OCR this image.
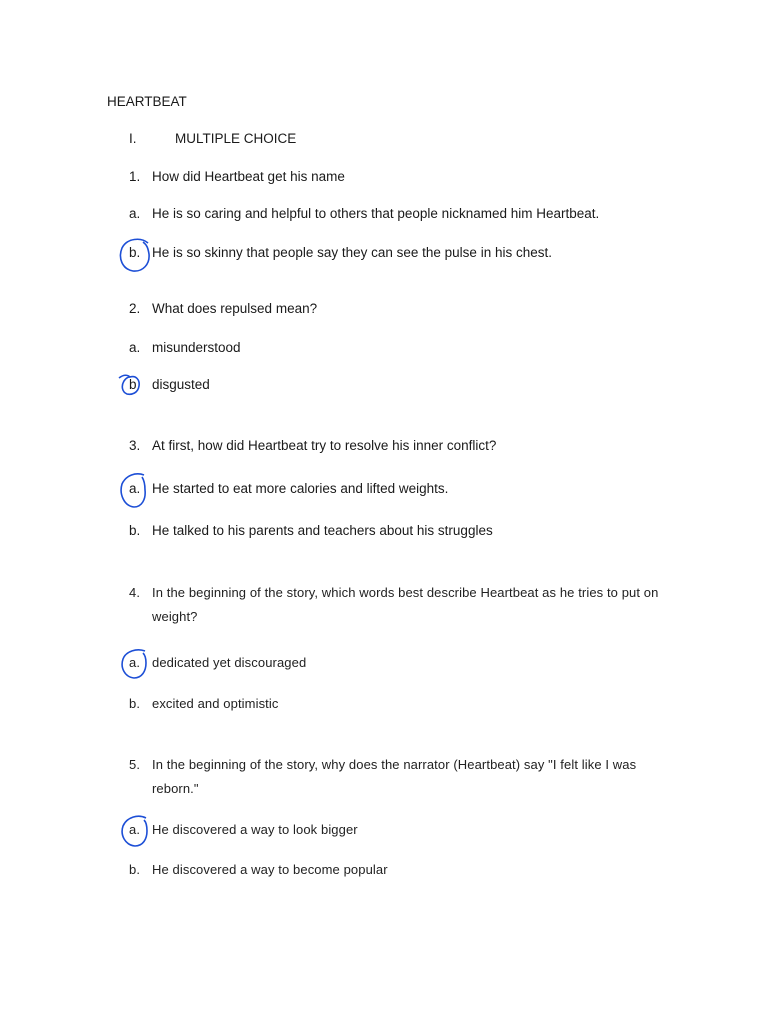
HEARTBEAT
I.	MULTIPLE CHOICE
1. How did Heartbeat get his name
a. He is so caring and helpful to others that people nicknamed him Heartbeat.
b. He is so skinny that people say they can see the pulse in his chest.
2. What does repulsed mean?
a. misunderstood
b disgusted
3. At first, how did Heartbeat try to resolve his inner conflict?
a. He started to eat more calories and lifted weights.
b. He talked to his parents and teachers about his struggles
4. In the beginning of the story, which words best describe Heartbeat as he tries to put on
weight?
a. dedicated yet discouraged
b. excited and optimistic
5. In the beginning of the story, why does the narrator (Heartbeat) say "I felt like I was
reborn."
a. He discovered a way to look bigger
b. He discovered a way to become popular
